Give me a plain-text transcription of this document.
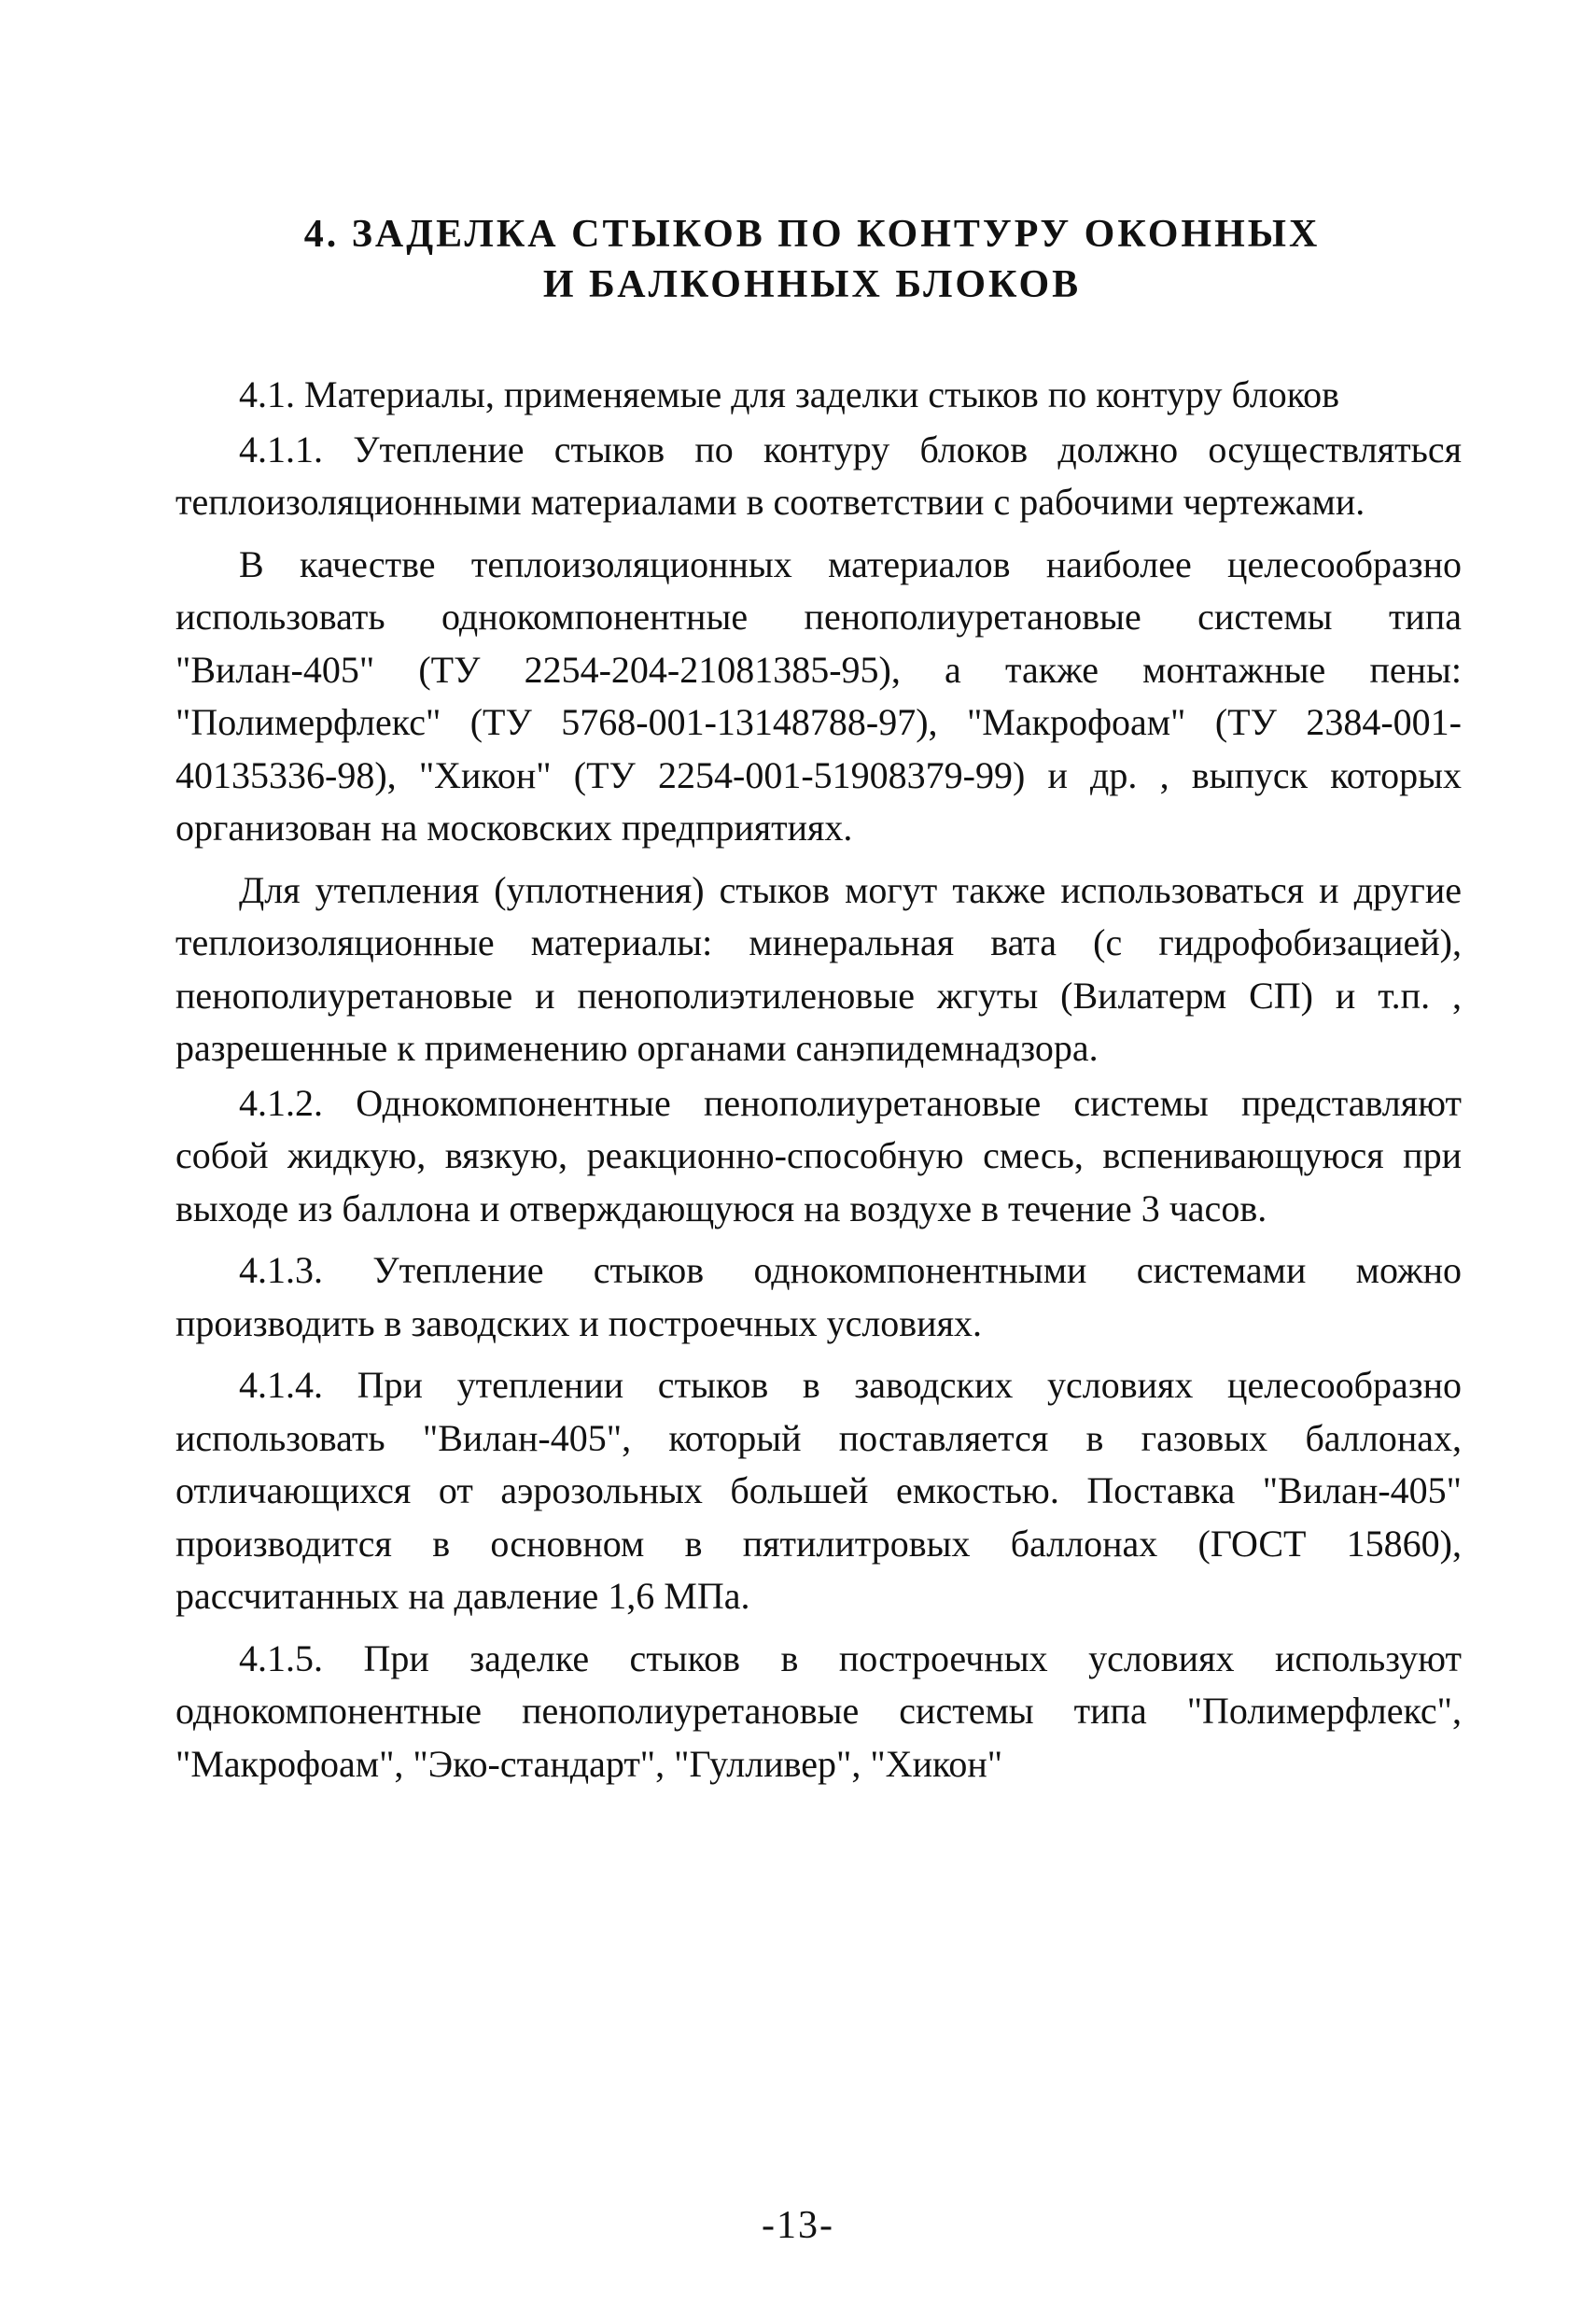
4. ЗАДЕЛКА СТЫКОВ ПО КОНТУРУ ОКОННЫХ
И БАЛКОННЫХ БЛОКОВ

4.1. Материалы, применяемые для заделки стыков по контуру блоков

4.1.1. Утепление стыков по контуру блоков должно осуществляться теплоизоляционными материалами в соответствии с рабочими чертежами.

В качестве теплоизоляционных материалов наиболее целесообразно использовать однокомпонентные пенополиуретановые системы типа "Вилан-405" (ТУ 2254-204-21081385-95), а также монтажные пены: "Полимерфлекс" (ТУ 5768-001-13148788-97), "Макрофоам" (ТУ 2384-001-40135336-98), "Хикон" (ТУ 2254-001-51908379-99) и др. , выпуск которых организован на московских предприятиях.

Для утепления (уплотнения) стыков могут также использоваться и другие теплоизоляционные материалы: минеральная вата (с гидрофобизацией), пенополиуретановые и пенополиэтиленовые жгуты (Вилатерм СП) и т.п. , разрешенные к применению органами санэпидемнадзора.

4.1.2. Однокомпонентные пенополиуретановые системы представляют собой жидкую, вязкую, реакционно-способную смесь, вспенивающуюся при выходе из баллона и отверждающуюся на воздухе в течение 3 часов.

4.1.3. Утепление стыков однокомпонентными системами можно производить в заводских и построечных условиях.

4.1.4. При утеплении стыков в заводских условиях целесообразно использовать "Вилан-405", который поставляется в газовых баллонах, отличающихся от аэрозольных большей емкостью. Поставка "Вилан-405" производится в основном в пятилитровых баллонах (ГОСТ 15860), рассчитанных на давление 1,6 МПа.

4.1.5. При заделке стыков в построечных условиях используют однокомпонентные пенополиуретановые системы типа "Полимерфлекс", "Макрофоам", "Эко-стандарт", "Гулливер", "Хикон"

-13-
